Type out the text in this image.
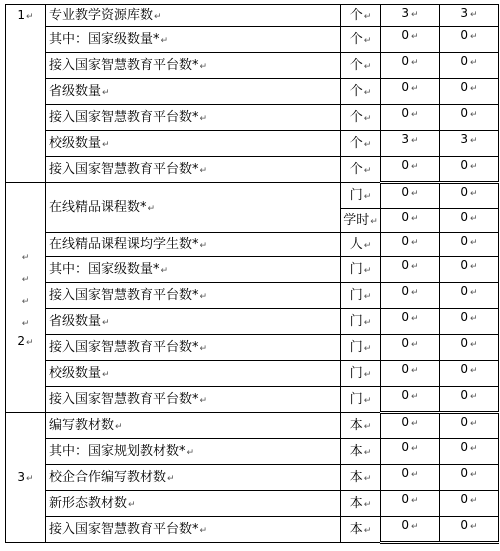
1↵	专业教学资源库数↵	个↵	3 ↵	3 ↵
	其中：国家级数量*↵	个↵	0 ↵	0 ↵
	接入国家智慧教育平台数*↵	个↵	0 ↵	0 ↵
	省级数量↵	个↵	0 ↵	0 ↵
	接入国家智慧教育平台数*↵	个↵	0 ↵	0 ↵
	校级数量↵	个↵	3 ↵	3 ↵
	接入国家智慧教育平台数*↵	个↵	0 ↵	0 ↵

↵
↵
↵
↵
2↵	在线精品课程数*↵	门↵	0 ↵	0 ↵
		学时↵	0 ↵	0 ↵
	在线精品课程课均学生数*↵	人↵	0 ↵	0 ↵
	其中：国家级数量*↵	门↵	0 ↵	0 ↵
	接入国家智慧教育平台数*↵	门↵	0 ↵	0 ↵
	省级数量↵	门↵	0 ↵	0 ↵
	接入国家智慧教育平台数*↵	门↵	0 ↵	0 ↵
	校级数量↵	门↵	0 ↵	0 ↵
	接入国家智慧教育平台数*↵	门↵	0 ↵	0 ↵
3↵	编写教材数↵	本↵	0 ↵	0 ↵
	其中：国家规划教材数*↵	本↵	0 ↵	0 ↵
	校企合作编写教材数↵	本↵	0 ↵	0 ↵
	新形态教材数↵	本↵	0 ↵	0 ↵
	接入国家智慧教育平台数*↵	本↵	0 ↵	0 ↵
